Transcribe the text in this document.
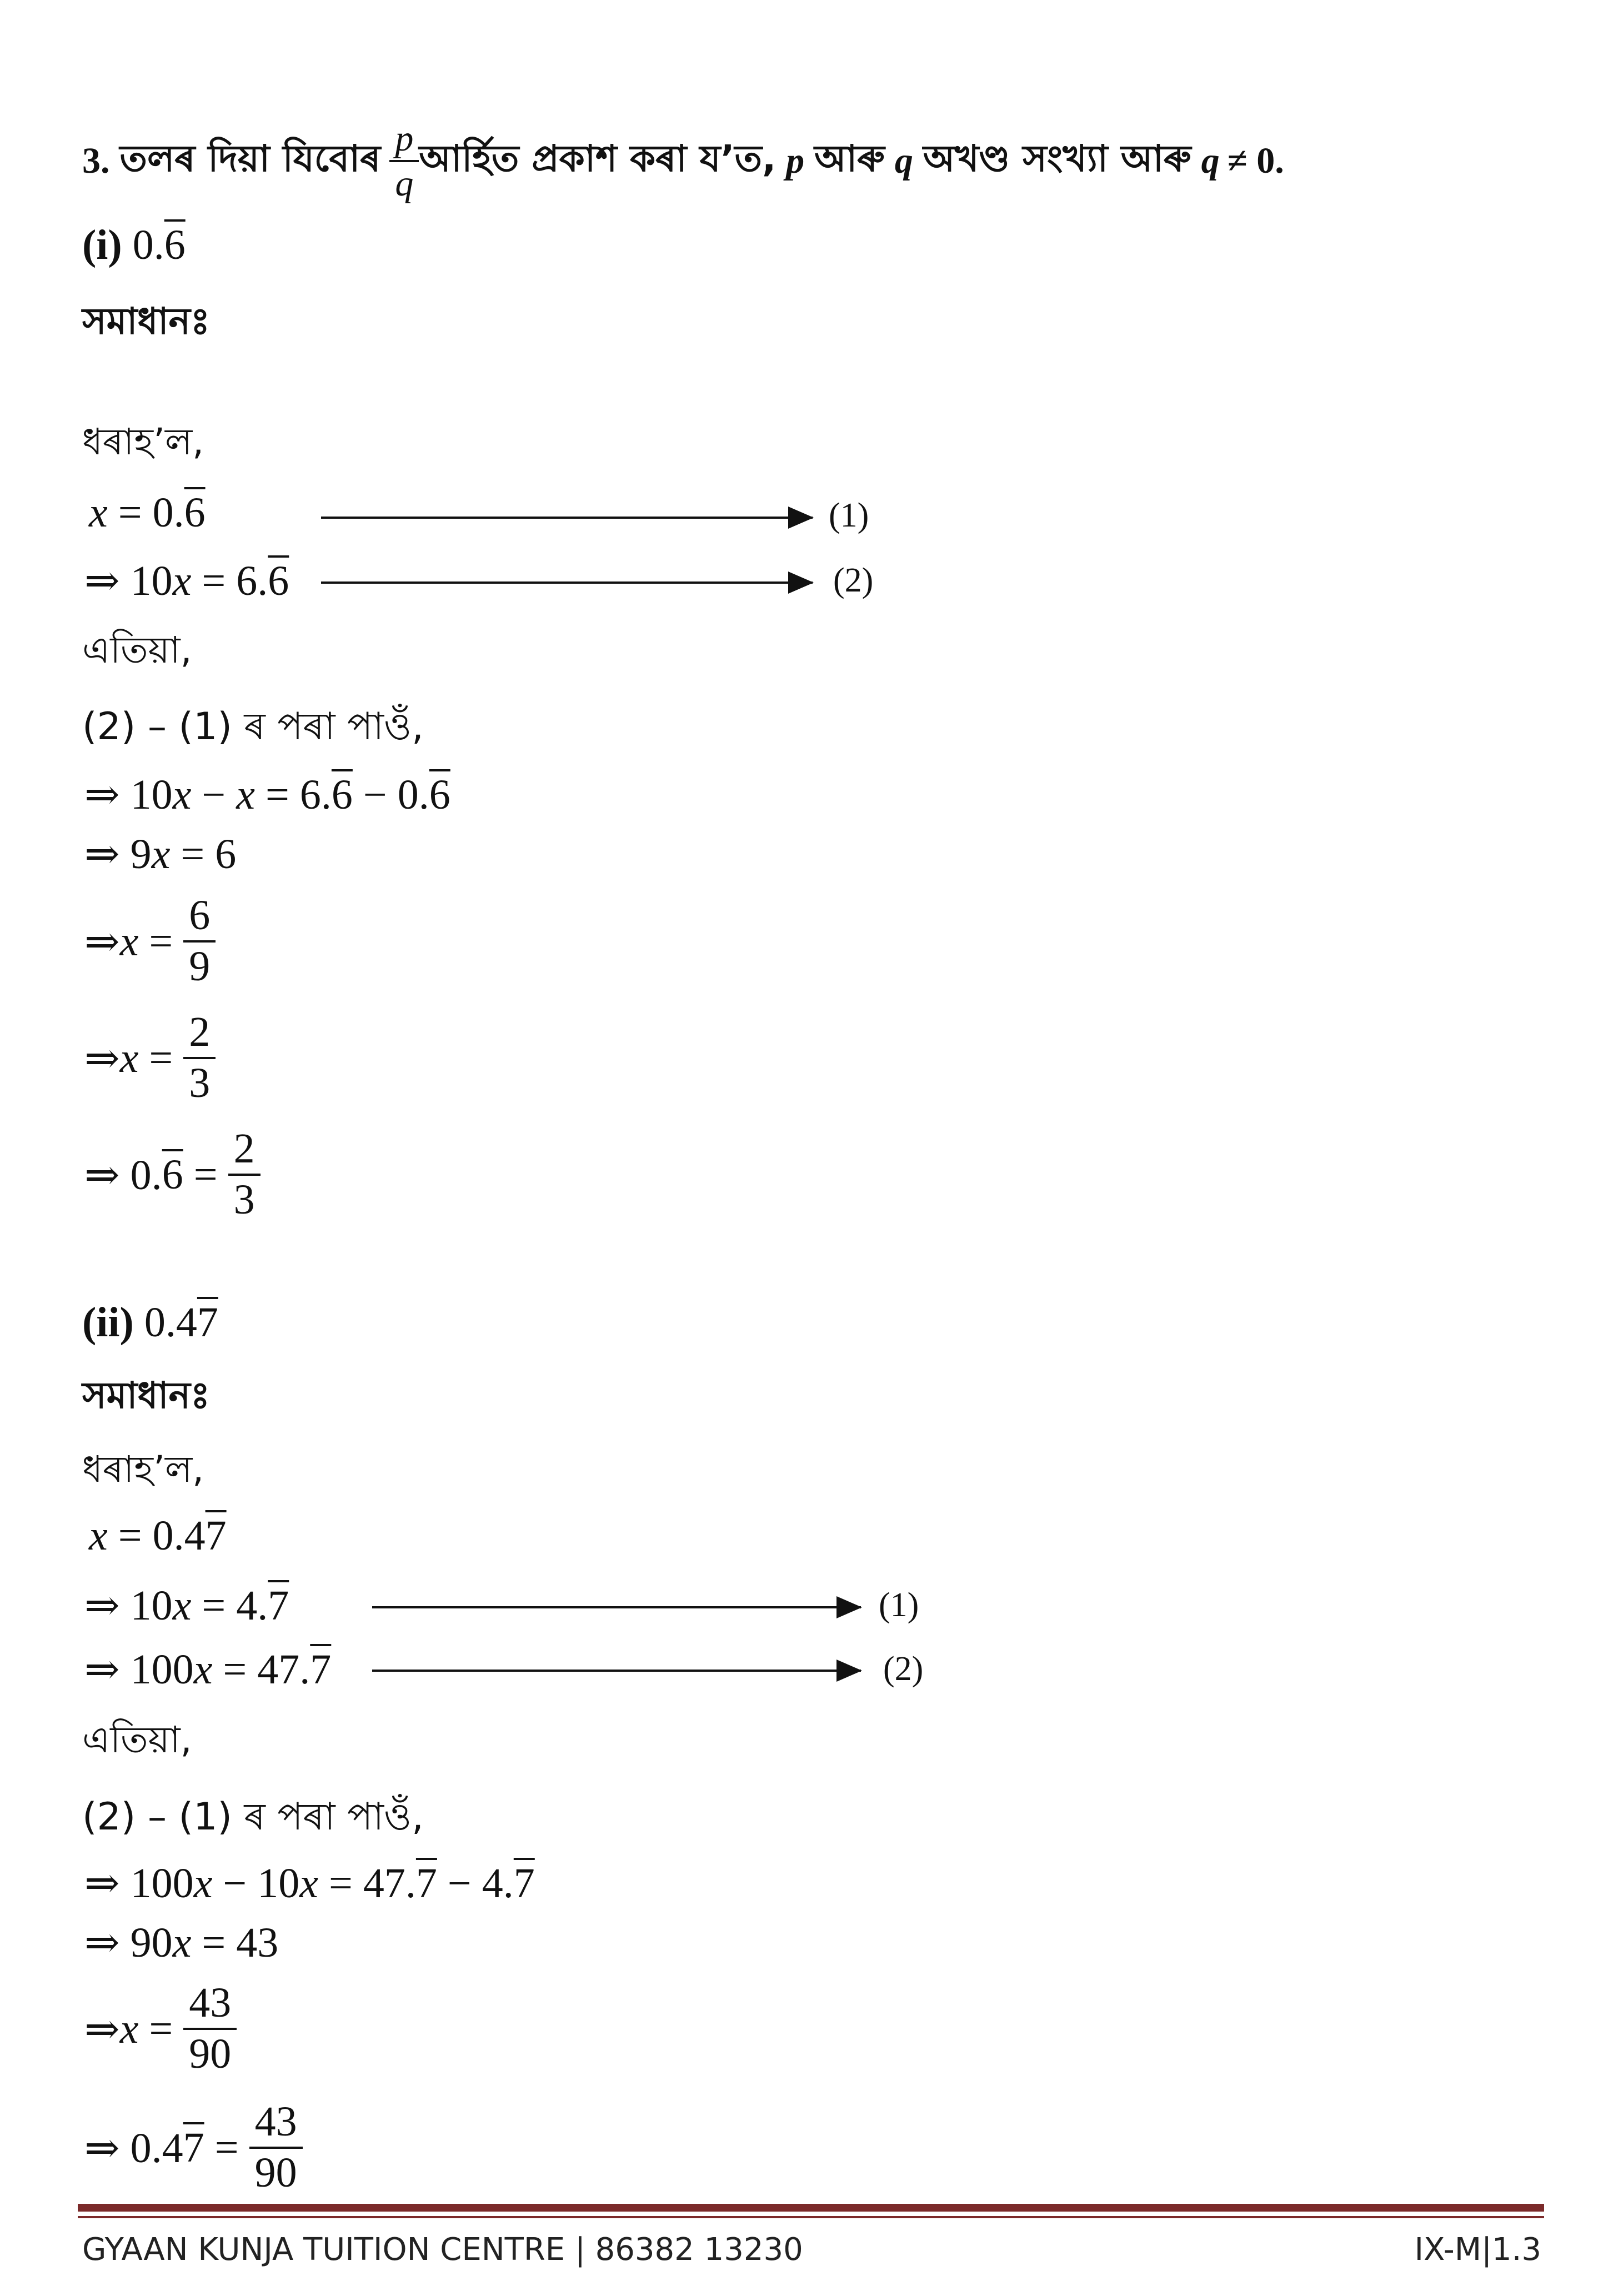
3. তলৰ দিয়া যিবোৰ $\frac{p}{q}$ আৰ্হিত প্ৰকাশ কৰা য’ত, p আৰু q অখণ্ড সংখ্যা আৰু q ≠ 0.
(i) 0.6
সমাধানঃ
ধৰাহ’ল,
x = 0.6	(1)
⇒ 10x = 6.6	(2)
এতিয়া,
(2) – (1) ৰ পৰা পাওঁ,
⇒ 10x − x = 6.6 − 0.6
⇒ 9x = 6
⇒ $x = \frac{6}{9}$
⇒ $x = \frac{2}{3}$
⇒ 0. $6 = \frac{2}{3}$
(ii) 0.47
সমাধানঃ
ধৰাহ’ল,
x = 0.47
⇒ 10x = 4.7	(1)
⇒ 100x = 47.7	(2)
এতিয়া,
(2) – (1) ৰ পৰা পাওঁ,
⇒ 100x − 10x = 47.7 − 4.7
⇒ 90x = 43
⇒ $x = \frac{43}{90}$
⇒ 0.4 $7 = \frac{43}{90}$
GYAAN KUNJA TUITION CENTRE | 86382 13230	IX-M|1.3
